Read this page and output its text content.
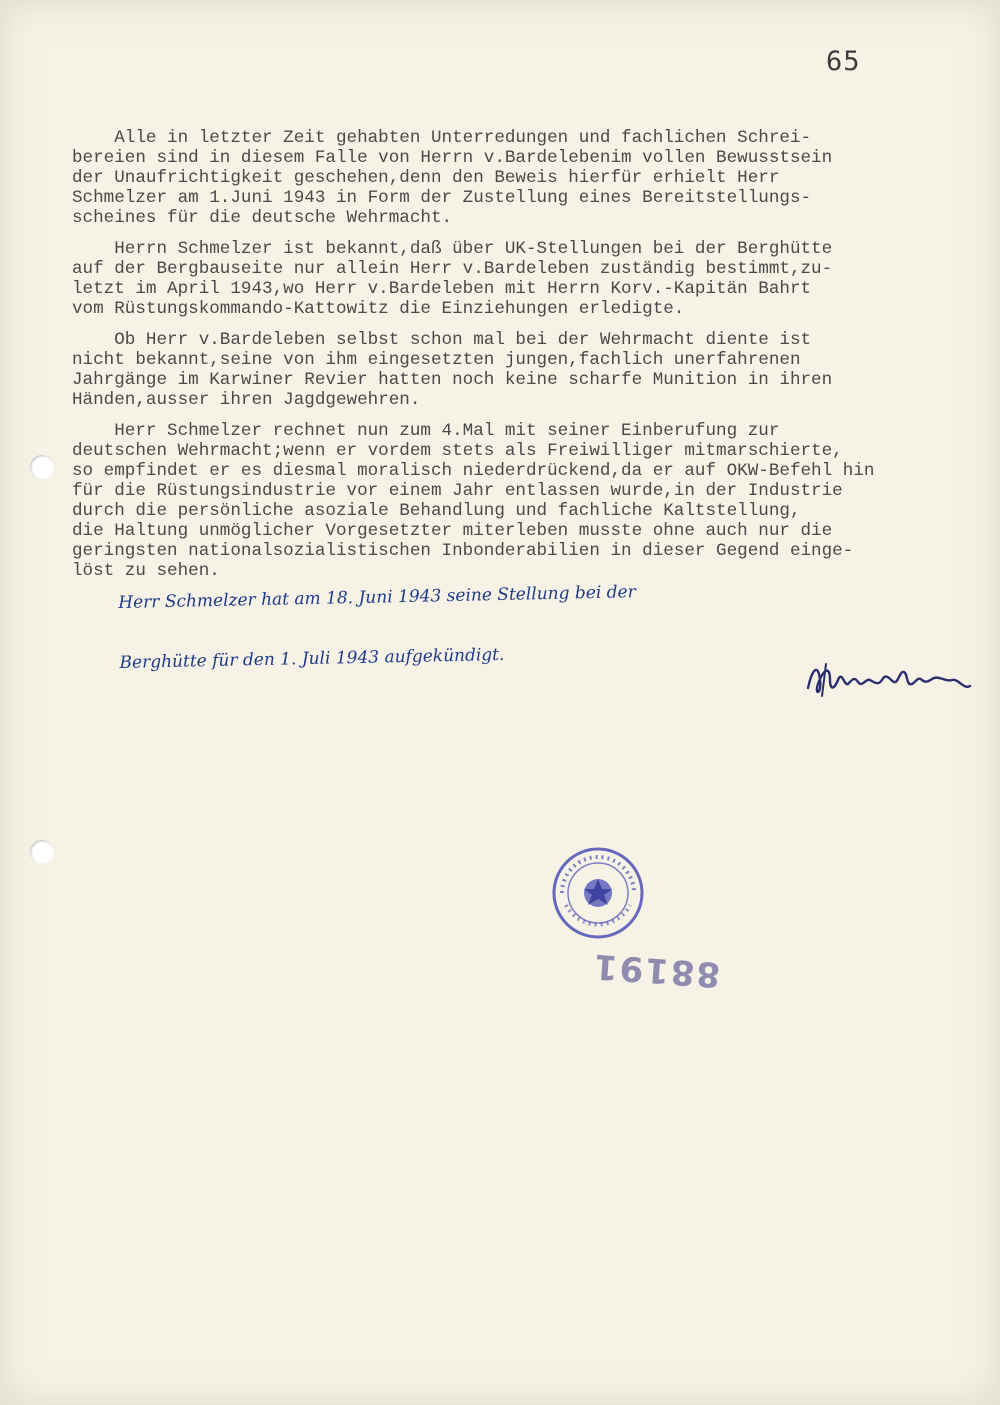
65
Alle in letzter Zeit gehabten Unterredungen und fachlichen Schrei-
bereien sind in diesem Falle von Herrn v.Bardelebenim vollen Bewusstsein
der Unaufrichtigkeit geschehen,denn den Beweis hierfür erhielt Herr
Schmelzer am 1.Juni 1943 in Form der Zustellung eines Bereitstellungs-
scheines für die deutsche Wehrmacht.
Herrn Schmelzer ist bekannt,daß über UK-Stellungen bei der Berghütte
auf der Bergbauseite nur allein Herr v.Bardeleben zuständig bestimmt,zu-
letzt im April 1943,wo Herr v.Bardeleben mit Herrn Korv.-Kapitän Bahrt
vom Rüstungskommando-Kattowitz die Einziehungen erledigte.
Ob Herr v.Bardeleben selbst schon mal bei der Wehrmacht diente ist
nicht bekannt,seine von ihm eingesetzten jungen,fachlich unerfahrenen
Jahrgänge im Karwiner Revier hatten noch keine scharfe Munition in ihren
Händen,ausser ihren Jagdgewehren.
Herr Schmelzer rechnet nun zum 4.Mal mit seiner Einberufung zur
deutschen Wehrmacht;wenn er vordem stets als Freiwilliger mitmarschierte,
so empfindet er es diesmal moralisch niederdrückend,da er auf OKW-Befehl hin
für die Rüstungsindustrie vor einem Jahr entlassen wurde,in der Industrie
durch die persönliche asoziale Behandlung und fachliche Kaltstellung,
die Haltung unmöglicher Vorgesetzter miterleben musste ohne auch nur die
geringsten nationalsozialistischen Inbonderabilien in dieser Gegend einge-
löst zu sehen.
Herr Schmelzer hat am 18. Juni 1943 seine Stellung bei der

Berghütte für den 1. Juli 1943 aufgekündigt.
88191
